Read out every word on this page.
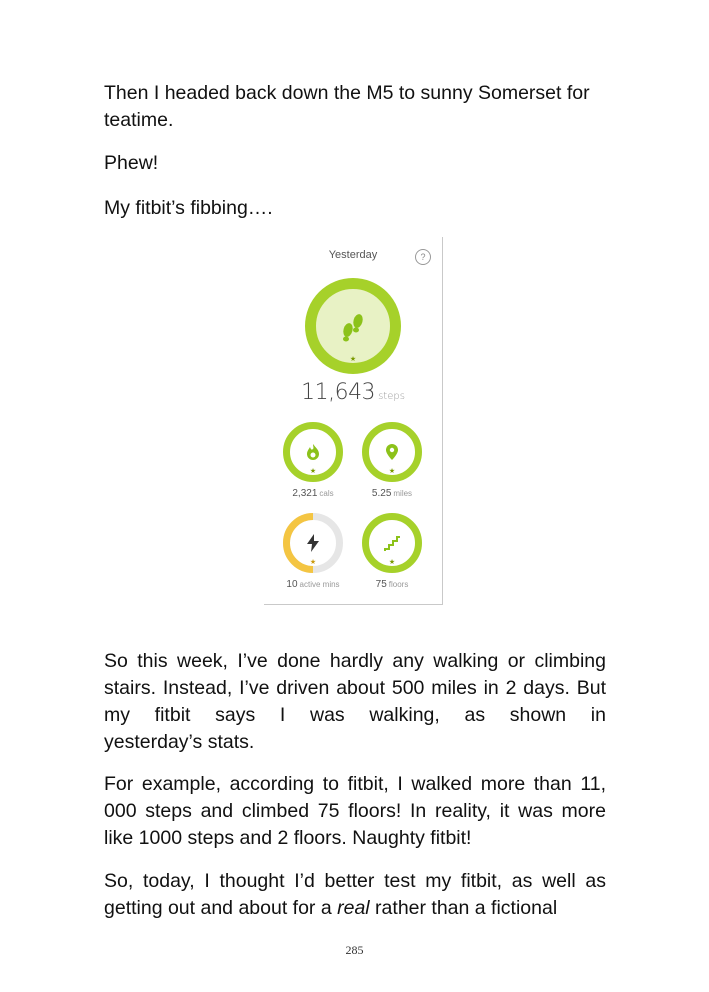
Then I headed back down the M5 to sunny Somerset for teatime.

Phew!

My fitbit’s fibbing….

Yesterday	?
★
11,643 steps
★
2,321 cals
★
5.25 miles
★
10 active mins
★
75 floors
So this week, I’ve done hardly any walking or climbing
stairs. Instead, I’ve driven about 500 miles in 2 days. But
my fitbit says I was walking, as shown in
yesterday’s stats.

For example, according to fitbit, I walked more than 11, 000 steps and climbed 75 floors! In reality, it was more like 1000 steps and 2 floors. Naughty fitbit!

So, today, I thought I’d better test my fitbit, as well as getting out and about for a real rather than a fictional

285
